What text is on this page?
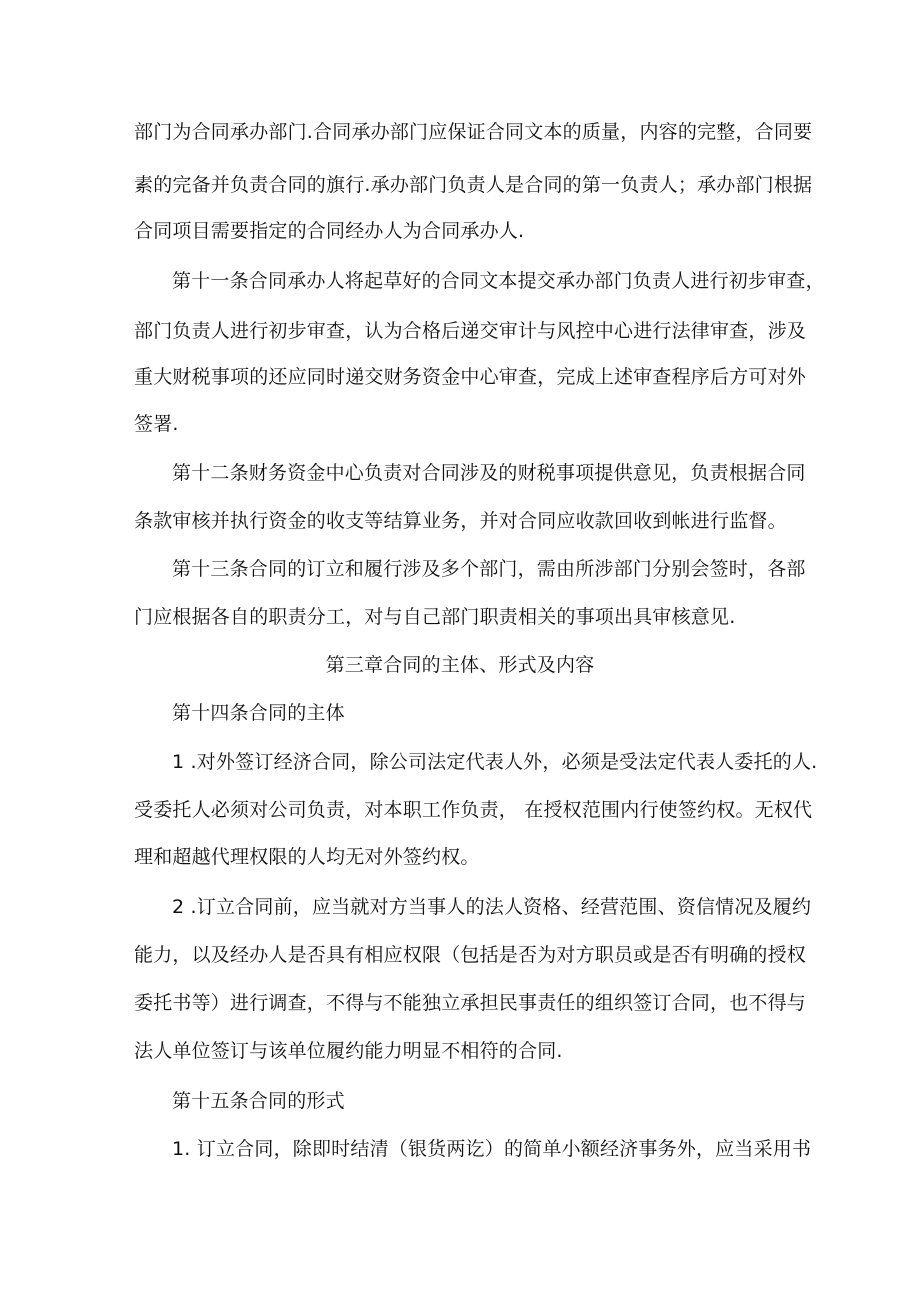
部门为合同承办部门.合同承办部门应保证合同文本的质量，内容的完整，合同要
素的完备并负责合同的旗行.承办部门负责人是合同的第一负责人；承办部门根据
合同项目需要指定的合同经办人为合同承办人.
第十一条合同承办人将起草好的合同文本提交承办部门负责人进行初步审查，
部门负责人进行初步审查，认为合格后递交审计与风控中心进行法律审查，涉及
重大财税事项的还应同时递交财务资金中心审查，完成上述审查程序后方可对外
签署.
第十二条财务资金中心负责对合同涉及的财税事项提供意见，负责根据合同
条款审核并执行资金的收支等结算业务，并对合同应收款回收到帐进行监督。
第十三条合同的订立和履行涉及多个部门，需由所涉部门分别会签时，各部
门应根据各自的职责分工，对与自己部门职责相关的事项出具审核意见.
第三章合同的主体、形式及内容
第十四条合同的主体
1 .对外签订经济合同，除公司法定代表人外，必须是受法定代表人委托的人.
受委托人必须对公司负责，对本职工作负责， 在授权范围内行使签约权。无权代
理和超越代理权限的人均无对外签约权。
2 .订立合同前，应当就对方当事人的法人资格、经营范围、资信情况及履约
能力，以及经办人是否具有相应权限（包括是否为对方职员或是否有明确的授权
委托书等）进行调查，不得与不能独立承担民事责任的组织签订合同，也不得与
法人单位签订与该单位履约能力明显不相符的合同.
第十五条合同的形式
1. 订立合同，除即时结清（银货两讫）的简单小额经济事务外，应当采用书
